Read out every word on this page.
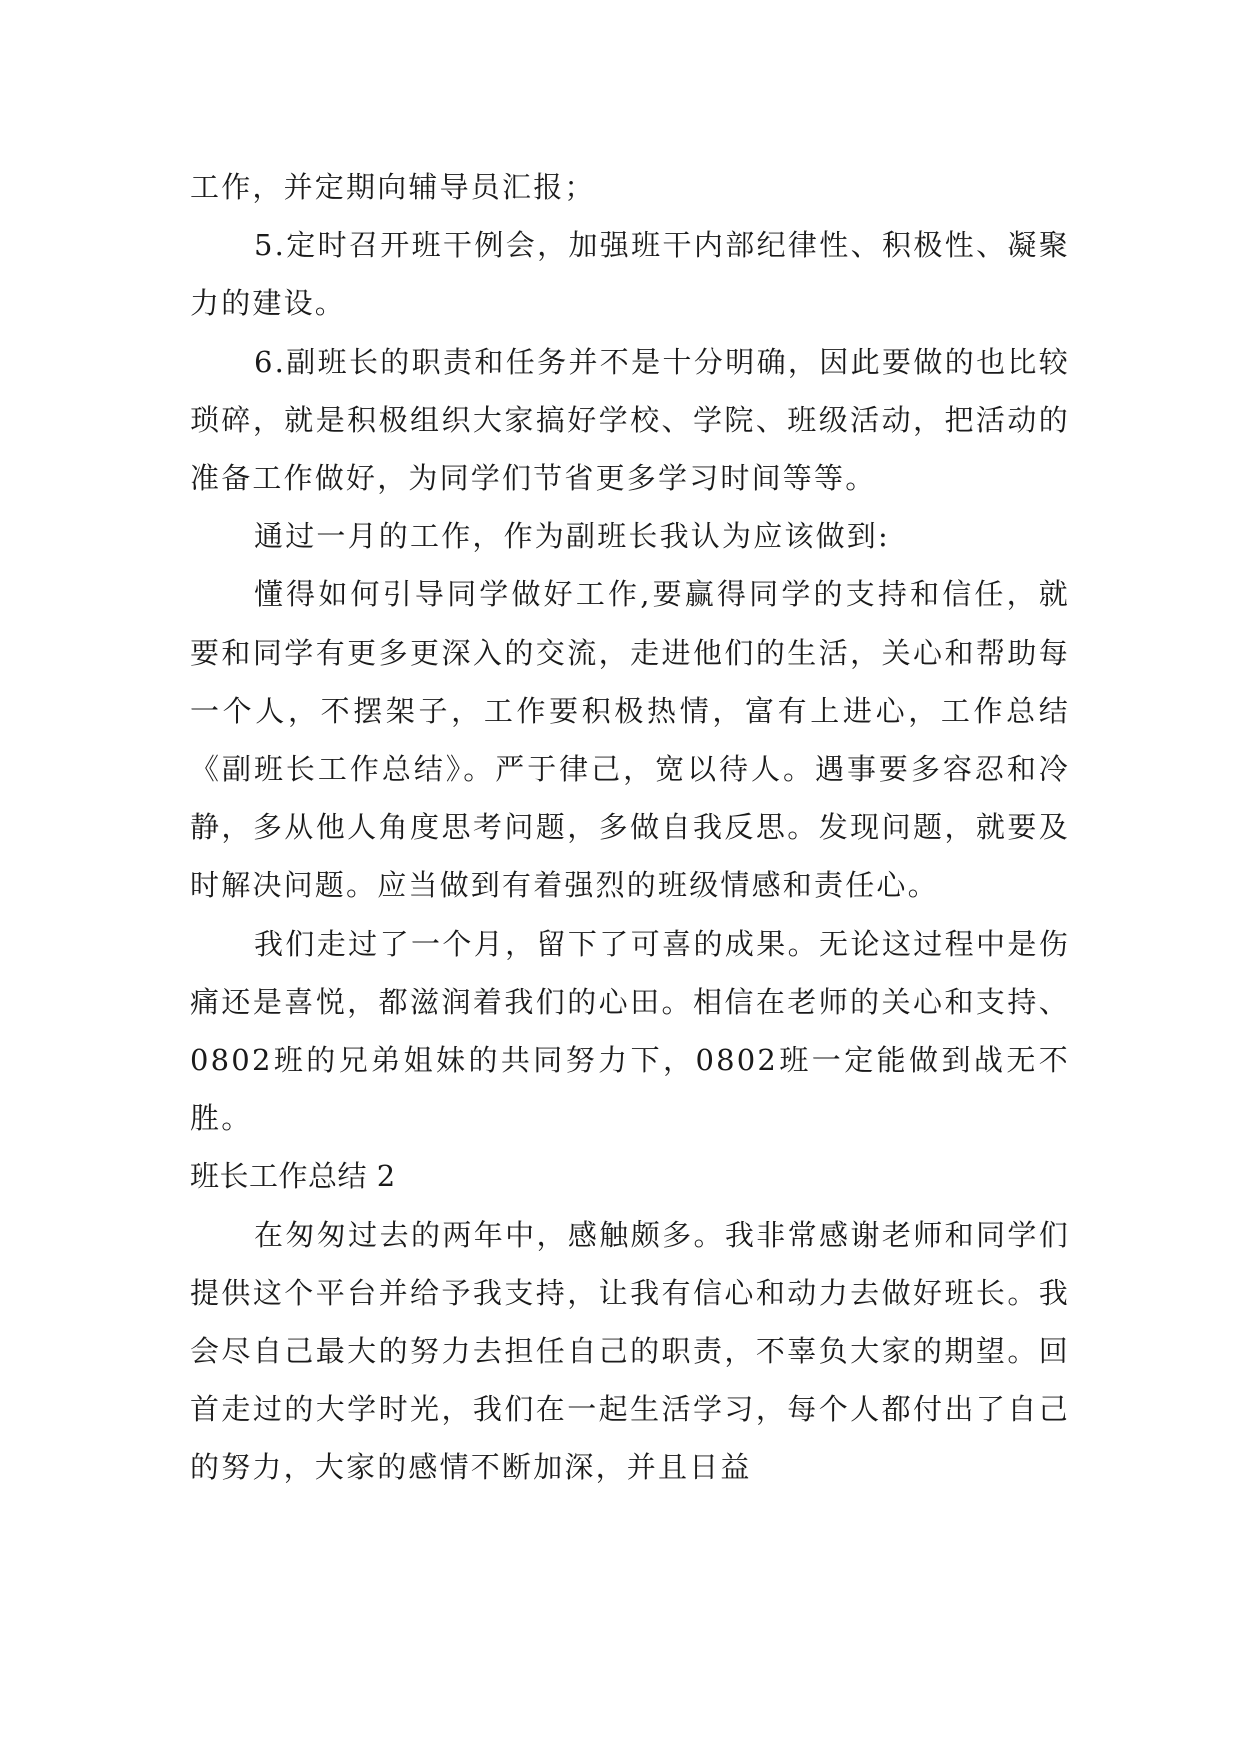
工作，并定期向辅导员汇报；

5.定时召开班干例会，加强班干内部纪律性、积极性、凝聚力的建设。

6.副班长的职责和任务并不是十分明确，因此要做的也比较琐碎，就是积极组织大家搞好学校、学院、班级活动，把活动的准备工作做好，为同学们节省更多学习时间等等。

通过一月的工作，作为副班长我认为应该做到:

懂得如何引导同学做好工作,要赢得同学的支持和信任，就要和同学有更多更深入的交流，走进他们的生活，关心和帮助每一个人，不摆架子，工作要积极热情，富有上进心，工作总结《副班长工作总结》。严于律己，宽以待人。遇事要多容忍和冷静，多从他人角度思考问题，多做自我反思。发现问题，就要及时解决问题。应当做到有着强烈的班级情感和责任心。

我们走过了一个月，留下了可喜的成果。无论这过程中是伤痛还是喜悦，都滋润着我们的心田。相信在老师的关心和支持、0802班的兄弟姐妹的共同努力下，0802班一定能做到战无不胜。

班长工作总结 2

在匆匆过去的两年中，感触颇多。我非常感谢老师和同学们提供这个平台并给予我支持，让我有信心和动力去做好班长。我会尽自己最大的努力去担任自己的职责，不辜负大家的期望。回首走过的大学时光，我们在一起生活学习，每个人都付出了自己的努力，大家的感情不断加深，并且日益
